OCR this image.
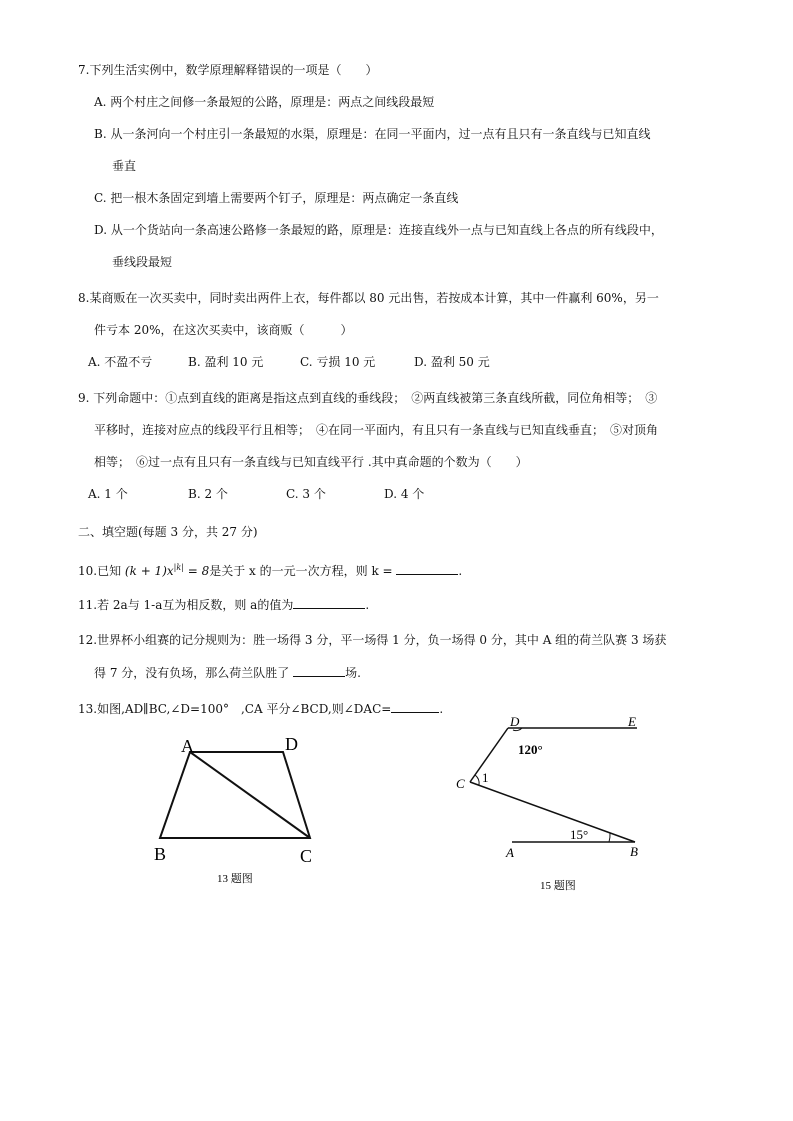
7.下列生活实例中，数学原理解释错误的一项是（　　）
A. 两个村庄之间修一条最短的公路，原理是：两点之间线段最短
B. 从一条河向一个村庄引一条最短的水渠，原理是：在同一平面内，过一点有且只有一条直线与已知直线
垂直
C. 把一根木条固定到墙上需要两个钉子，原理是：两点确定一条直线
D. 从一个货站向一条高速公路修一条最短的路，原理是：连接直线外一点与已知直线上各点的所有线段中，
垂线段最短
8.某商贩在一次买卖中，同时卖出两件上衣，每件都以 80 元出售，若按成本计算，其中一件赢利 60%，另一
件亏本 20%，在这次买卖中，该商贩（　　　）
A. 不盈不亏	B. 盈利 10 元	C. 亏损 10 元	D. 盈利 50 元
9. 下列命题中：①点到直线的距离是指这点到直线的垂线段；　②两直线被第三条直线所截，同位角相等；　③
平移时，连接对应点的线段平行且相等；　④在同一平面内，有且只有一条直线与已知直线垂直；　⑤对顶角
相等；　⑥过一点有且只有一条直线与已知直线平行 .其中真命题的个数为（　　）
A. 1 个	B. 2 个	C. 3 个	D. 4 个
二、填空题(每题 3 分，共 27 分)
10.已知 $(k + 1)x^{|k|} = 8$是关于 x 的一元一次方程，则 k =	.
11.若 2a与 1-a互为相反数，则 a的值为	.
12.世界杯小组赛的记分规则为：胜一场得 3 分，平一场得 1 分，负一场得 0 分，其中 A 组的荷兰队赛 3 场获
得 7 分，没有负场，那么荷兰队胜了	场.
13.如图,AD∥BC,∠D=100°　,CA 平分∠BCD,则∠DAC=	.
A	D
B	C
13 题图
D	E
C 1
120°
15°
A	B
15 题图
